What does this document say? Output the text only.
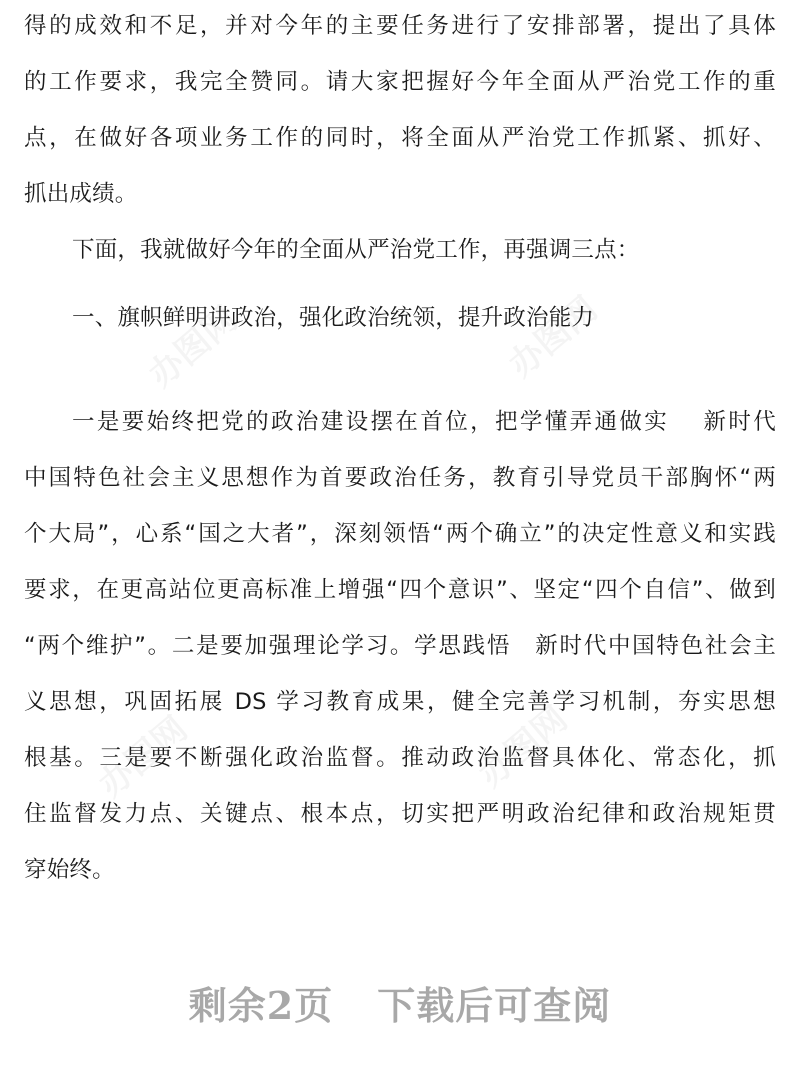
办图网	办图网
办图网	办图网
得的成效和不足，并对今年的主要任务进行了安排部署，提出了具体
的工作要求，我完全赞同。请大家把握好今年全面从严治党工作的重
点，在做好各项业务工作的同时，将全面从严治党工作抓紧、抓好、
抓出成绩。
下面，我就做好今年的全面从严治党工作，再强调三点：
一、旗帜鲜明讲政治，强化政治统领，提升政治能力
一是要始终把党的政治建设摆在首位，把学懂弄通做实　 新时代
中国特色社会主义思想作为首要政治任务，教育引导党员干部胸怀“两
个大局”，心系“国之大者”，深刻领悟“两个确立”的决定性意义和实践
要求，在更高站位更高标准上增强“四个意识”、坚定“四个自信”、做到
“两个维护”。二是要加强理论学习。学思践悟　新时代中国特色社会主
义思想，巩固拓展 DS 学习教育成果，健全完善学习机制，夯实思想
根基。三是要不断强化政治监督。推动政治监督具体化、常态化，抓
住监督发力点、关键点、根本点，切实把严明政治纪律和政治规矩贯
穿始终。
剩余2页 下载后可查阅
